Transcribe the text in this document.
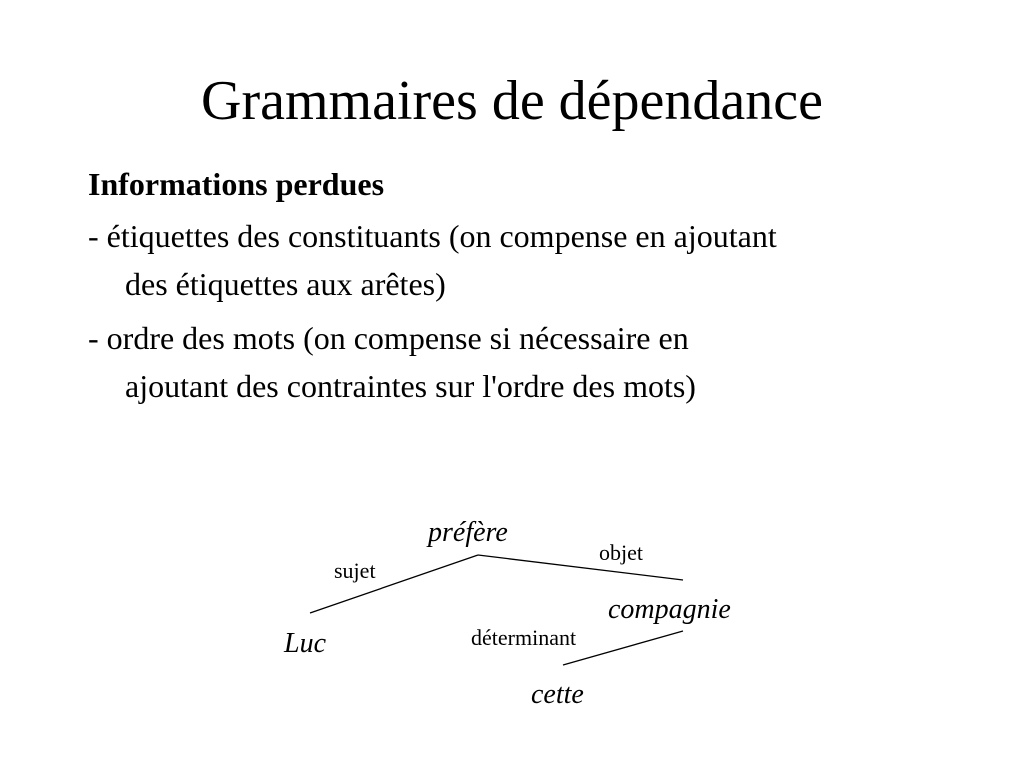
Grammaires de dépendance
Informations perdues
- étiquettes des constituants (on compense en ajoutant
des étiquettes aux arêtes)
- ordre des mots (on compense si nécessaire en
ajoutant des contraintes sur l'ordre des mots)
préfère
Luc
compagnie
cette
sujet
objet
déterminant
